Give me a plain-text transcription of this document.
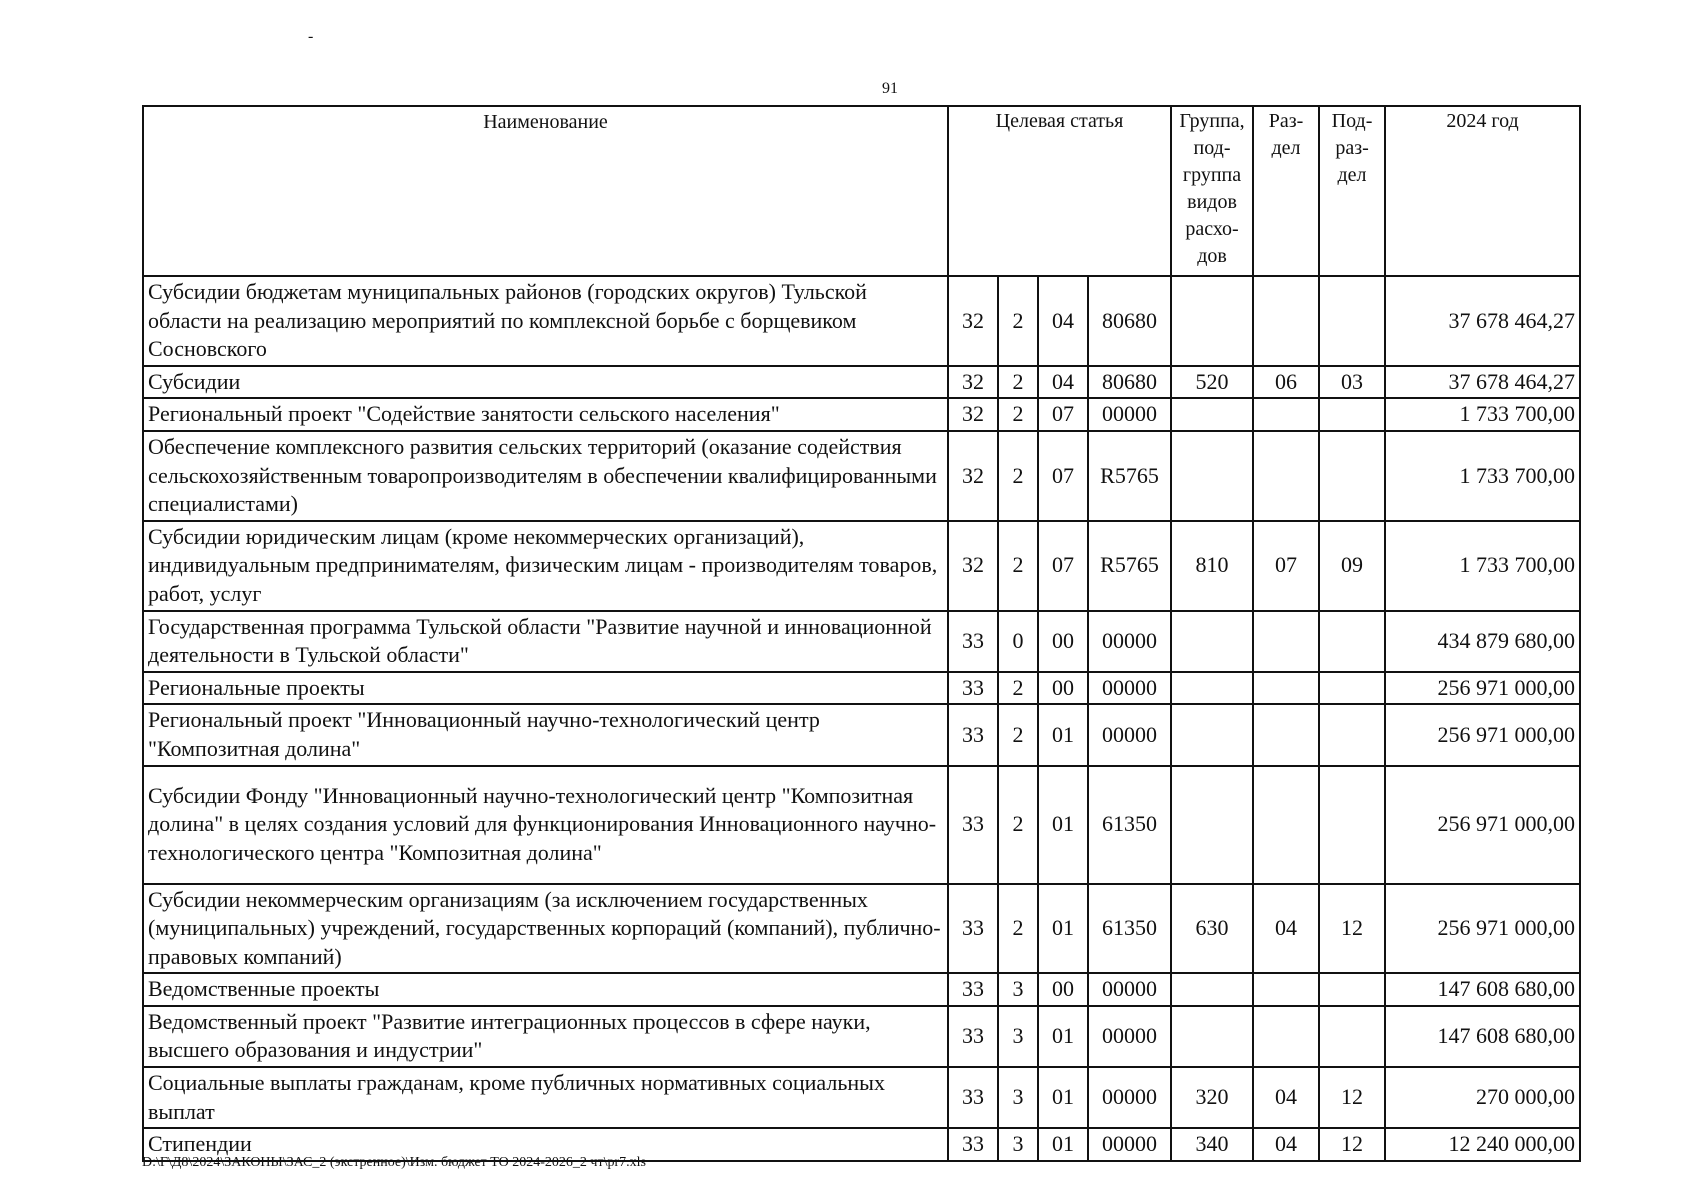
-
91
Наименование	Целевая статья				Группа, под-группа видов расхо-дов	Раз-дел	Под-раз-дел	2024 год
Субсидии бюджетам муниципальных районов (городских округов) Тульской области на реализацию мероприятий по комплексной борьбе с борщевиком Сосновского	32	2	04	80680				37 678 464,27
Субсидии	32	2	04	80680	520	06	03	37 678 464,27
Региональный проект "Содействие занятости сельского населения"	32	2	07	00000				1 733 700,00
Обеспечение комплексного развития сельских территорий (оказание содействия сельскохозяйственным товаропроизводителям в обеспечении квалифицированными специалистами)	32	2	07	R5765				1 733 700,00
Субсидии юридическим лицам (кроме некоммерческих организаций), индивидуальным предпринимателям, физическим лицам - производителям товаров, работ, услуг	32	2	07	R5765	810	07	09	1 733 700,00
Государственная программа Тульской области "Развитие научной и инновационной деятельности в Тульской области"	33	0	00	00000				434 879 680,00
Региональные проекты	33	2	00	00000				256 971 000,00
Региональный проект "Инновационный научно-технологический центр "Композитная долина"	33	2	01	00000				256 971 000,00
Субсидии Фонду "Инновационный научно-технологический центр "Композитная долина" в целях создания условий для функционирования Инновационного научно-технологического центра "Композитная долина"	33	2	01	61350				256 971 000,00
Субсидии некоммерческим организациям (за исключением государственных (муниципальных) учреждений, государственных корпораций (компаний), публично-правовых компаний)	33	2	01	61350	630	04	12	256 971 000,00
Ведомственные проекты	33	3	00	00000				147 608 680,00
Ведомственный проект "Развитие интеграционных процессов в сфере науки, высшего образования и индустрии"	33	3	01	00000				147 608 680,00
Социальные выплаты гражданам, кроме публичных нормативных социальных выплат	33	3	01	00000	320	04	12	270 000,00
Стипендии	33	3	01	00000	340	04	12	12 240 000,00
D:\Г\Д8\2024\ЗАКОНЫ\ЗАС_2 (экстренное)\Изм. бюджет ТО 2024-2026_2 чт\pr7.xls
